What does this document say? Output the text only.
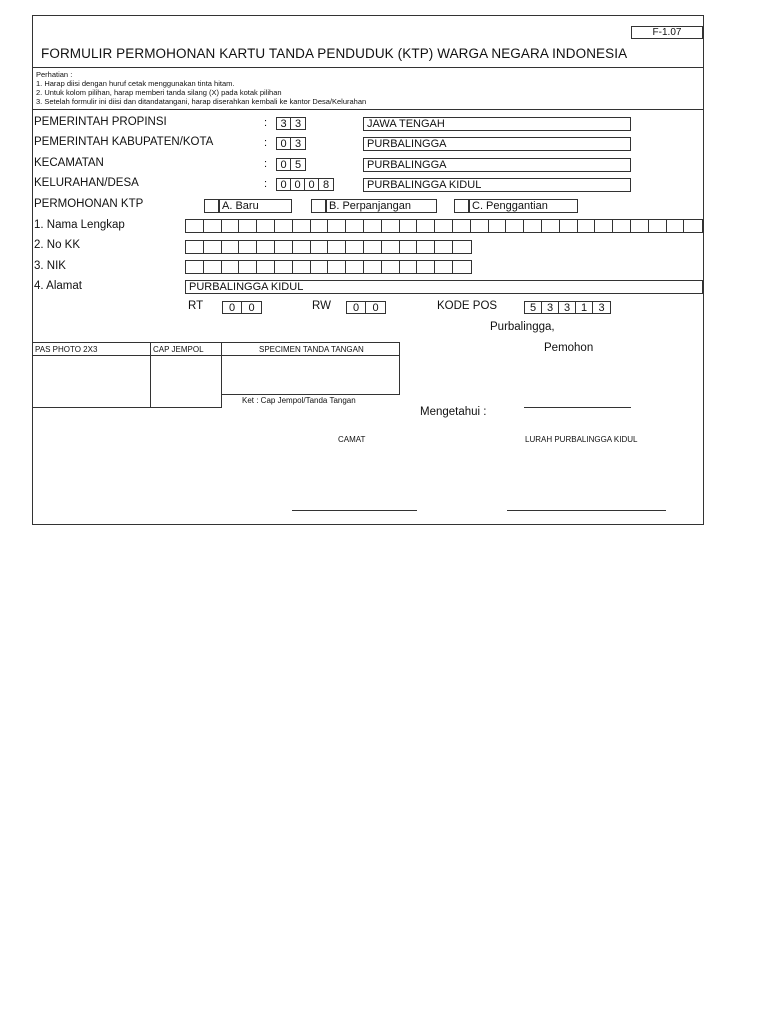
F-1.07
FORMULIR PERMOHONAN KARTU TANDA PENDUDUK (KTP) WARGA NEGARA INDONESIA
Perhatian :
1. Harap diisi dengan huruf cetak menggunakan tinta hitam.
2. Untuk kolom pilihan, harap memberi tanda silang (X) pada kotak pilihan
3. Setelah formulir ini diisi dan ditandatangani, harap diserahkan kembali ke kantor Desa/Kelurahan
PEMERINTAH PROPINSI	:	3 3	JAWA TENGAH
PEMERINTAH KABUPATEN/KOTA	:	0 3	PURBALINGGA
KECAMATAN	:	0 5	PURBALINGGA
KELURAHAN/DESA	:	0 0 0 8	PURBALINGGA KIDUL
PERMOHONAN KTP	A. Baru	B. Perpanjangan	C. Penggantian
1. Nama Lengkap
2. No KK
3. NIK
4. Alamat	PURBALINGGA KIDUL
RT	0	0	RW	0	0	KODE POS	5 3 3 1	3
Purbalingga,
Pemohon
PAS PHOTO 2X3	CAP JEMPOL	SPECIMEN TANDA TANGAN
Ket : Cap Jempol/Tanda Tangan
Mengetahui :
CAMAT	LURAH PURBALINGGA KIDUL
